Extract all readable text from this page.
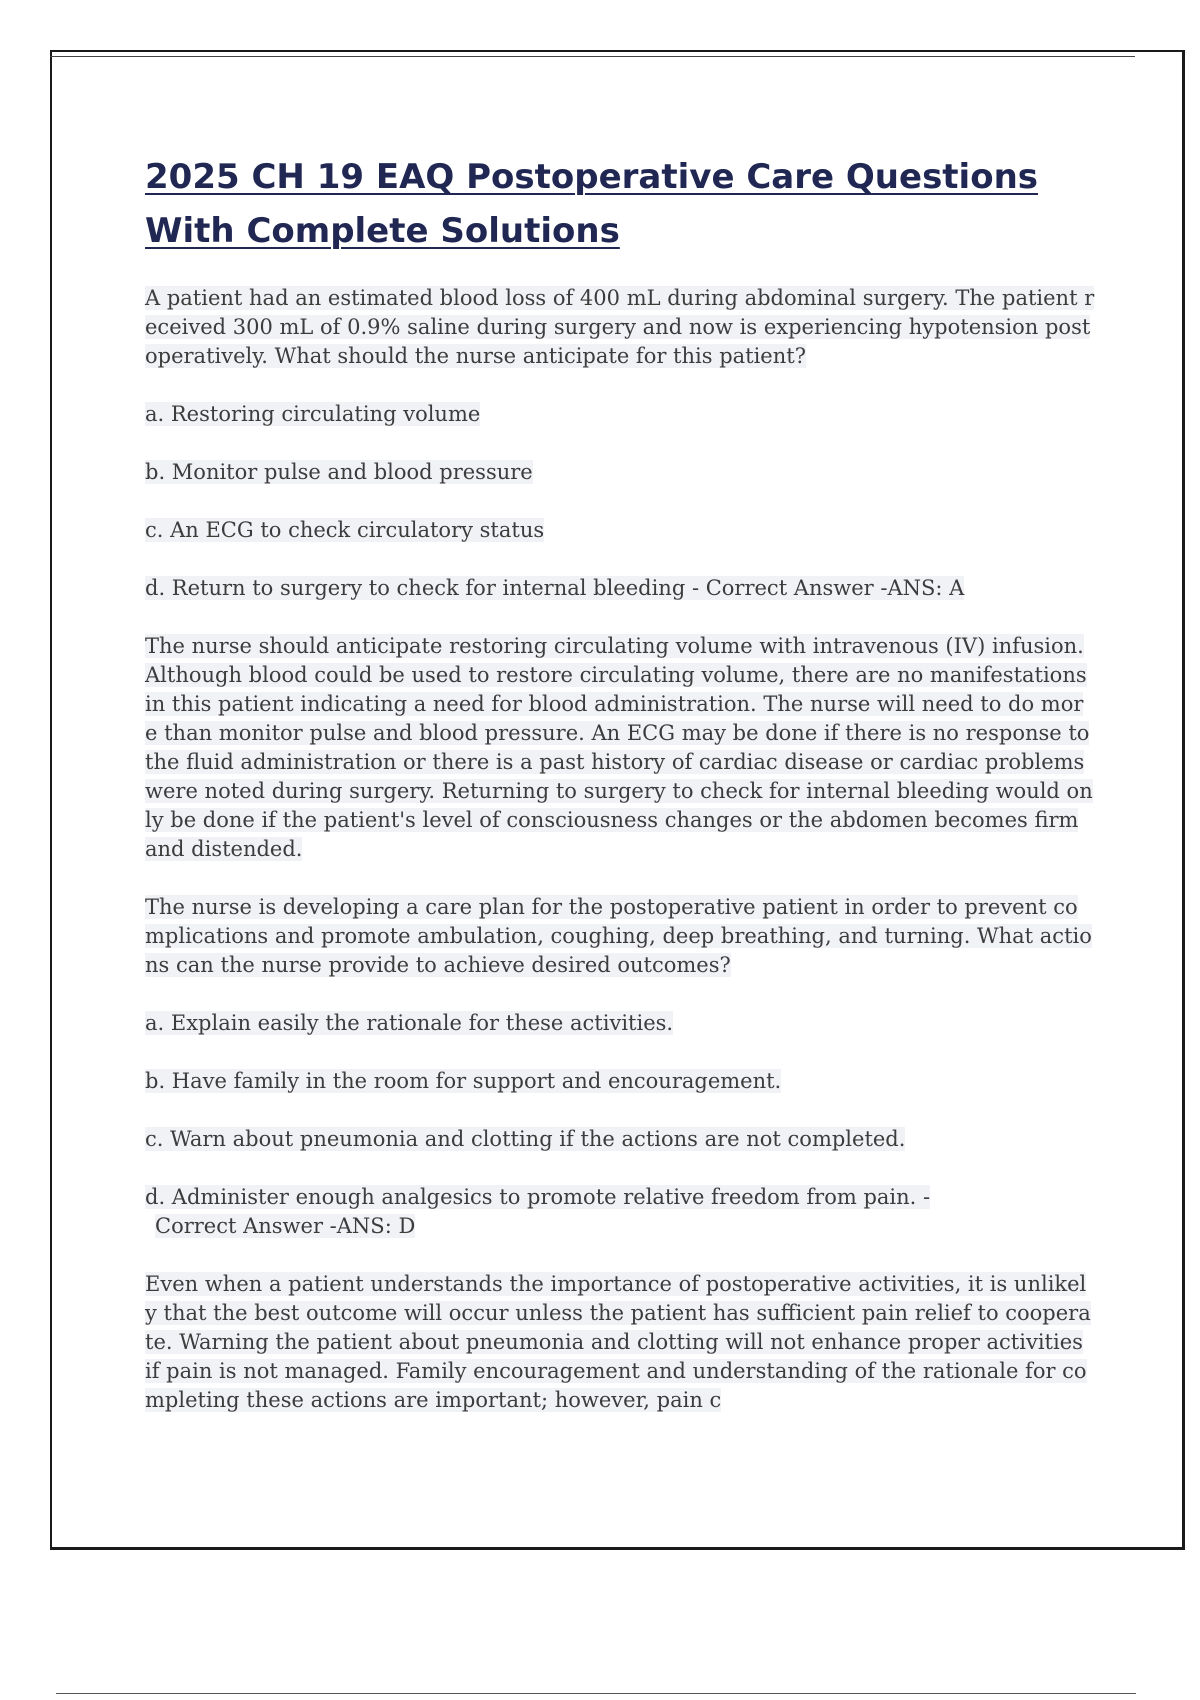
2025 CH 19 EAQ Postoperative Care Questions With Complete Solutions

A patient had an estimated blood loss of 400 mL during abdominal surgery. The patient received 300 mL of 0.9% saline during surgery and now is experiencing hypotension postoperatively. What should the nurse anticipate for this patient?

a. Restoring circulating volume

b. Monitor pulse and blood pressure

c. An ECG to check circulatory status

d. Return to surgery to check for internal bleeding - Correct Answer -ANS: A

The nurse should anticipate restoring circulating volume with intravenous (IV) infusion. Although blood could be used to restore circulating volume, there are no manifestations in this patient indicating a need for blood administration. The nurse will need to do more than monitor pulse and blood pressure. An ECG may be done if there is no response to the fluid administration or there is a past history of cardiac disease or cardiac problems were noted during surgery. Returning to surgery to check for internal bleeding would only be done if the patient's level of consciousness changes or the abdomen becomes firm and distended.

The nurse is developing a care plan for the postoperative patient in order to prevent complications and promote ambulation, coughing, deep breathing, and turning. What actions can the nurse provide to achieve desired outcomes?

a. Explain easily the rationale for these activities.

b. Have family in the room for support and encouragement.

c. Warn about pneumonia and clotting if the actions are not completed.

d. Administer enough analgesics to promote relative freedom from pain. -
Correct Answer -ANS: D

Even when a patient understands the importance of postoperative activities, it is unlikely that the best outcome will occur unless the patient has sufficient pain relief to cooperate. Warning the patient about pneumonia and clotting will not enhance proper activities if pain is not managed. Family encouragement and understanding of the rationale for completing these actions are important; however, pain c
